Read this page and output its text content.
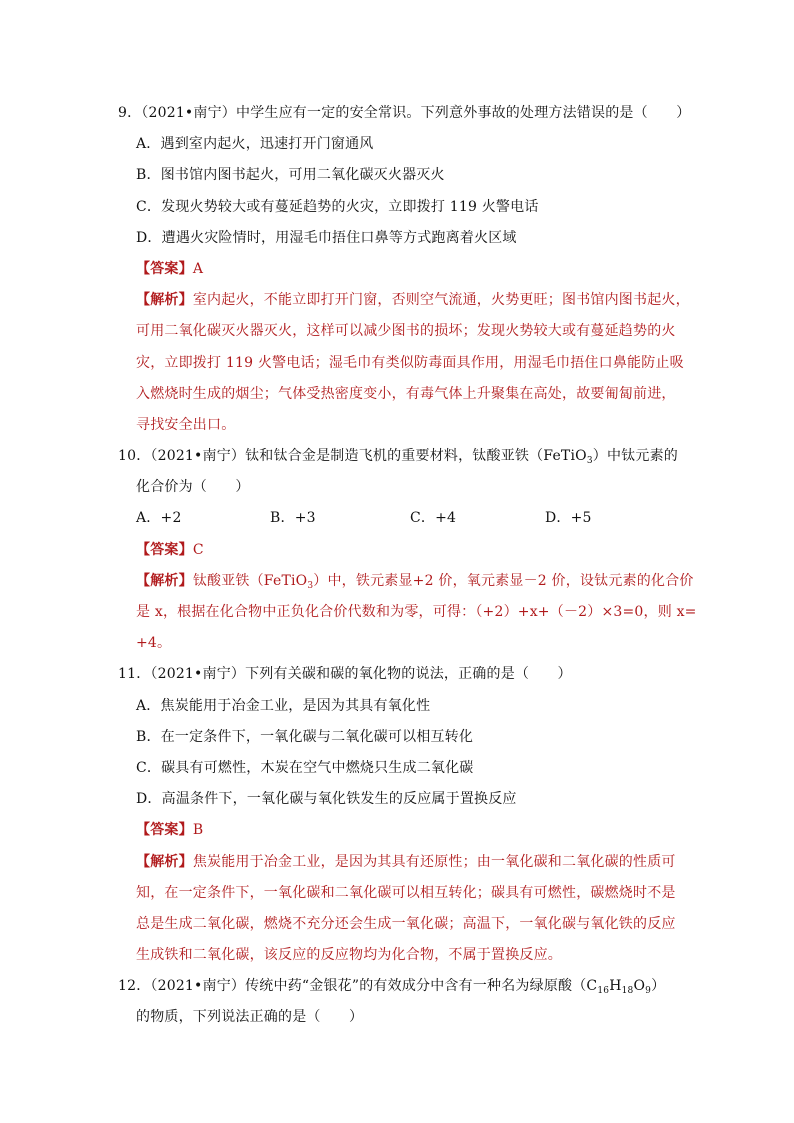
9．（2021•南宁）中学生应有一定的安全常识。下列意外事故的处理方法错误的是（　　）
A．遇到室内起火，迅速打开门窗通风
B．图书馆内图书起火，可用二氧化碳灭火器灭火
C．发现火势较大或有蔓延趋势的火灾，立即拨打 119 火警电话
D．遭遇火灾险情时，用湿毛巾捂住口鼻等方式跑离着火区域
【答案】A
【解析】室内起火，不能立即打开门窗，否则空气流通，火势更旺；图书馆内图书起火，
可用二氧化碳灭火器灭火，这样可以减少图书的损坏；发现火势较大或有蔓延趋势的火
灾，立即拨打 119 火警电话；湿毛巾有类似防毒面具作用，用湿毛巾捂住口鼻能防止吸
入燃烧时生成的烟尘；气体受热密度变小，有毒气体上升聚集在高处，故要匍匐前进，
寻找安全出口。
10．（2021•南宁）钛和钛合金是制造飞机的重要材料，钛酸亚铁（FeTiO$_3$）中钛元素的
化合价为（　　）
A．+2	B．+3	C．+4	D．+5
【答案】C
【解析】钛酸亚铁（FeTiO$_3$）中，铁元素显+2 价，氧元素显－2 价，设钛元素的化合价
是 x，根据在化合物中正负化合价代数和为零，可得：（+2）+x+（－2）×3=0，则 x=
+4。
11．（2021•南宁）下列有关碳和碳的氧化物的说法，正确的是（　　）
A．焦炭能用于冶金工业，是因为其具有氧化性
B．在一定条件下，一氧化碳与二氧化碳可以相互转化
C．碳具有可燃性，木炭在空气中燃烧只生成二氧化碳
D．高温条件下，一氧化碳与氧化铁发生的反应属于置换反应
【答案】B
【解析】焦炭能用于冶金工业，是因为其具有还原性；由一氧化碳和二氧化碳的性质可
知，在一定条件下，一氧化碳和二氧化碳可以相互转化；碳具有可燃性，碳燃烧时不是
总是生成二氧化碳，燃烧不充分还会生成一氧化碳；高温下，一氧化碳与氧化铁的反应
生成铁和二氧化碳，该反应的反应物均为化合物，不属于置换反应。
12．（2021•南宁）传统中药“金银花”的有效成分中含有一种名为绿原酸$(C_{16}H_{18}O_9)$
的物质，下列说法正确的是（　　）
